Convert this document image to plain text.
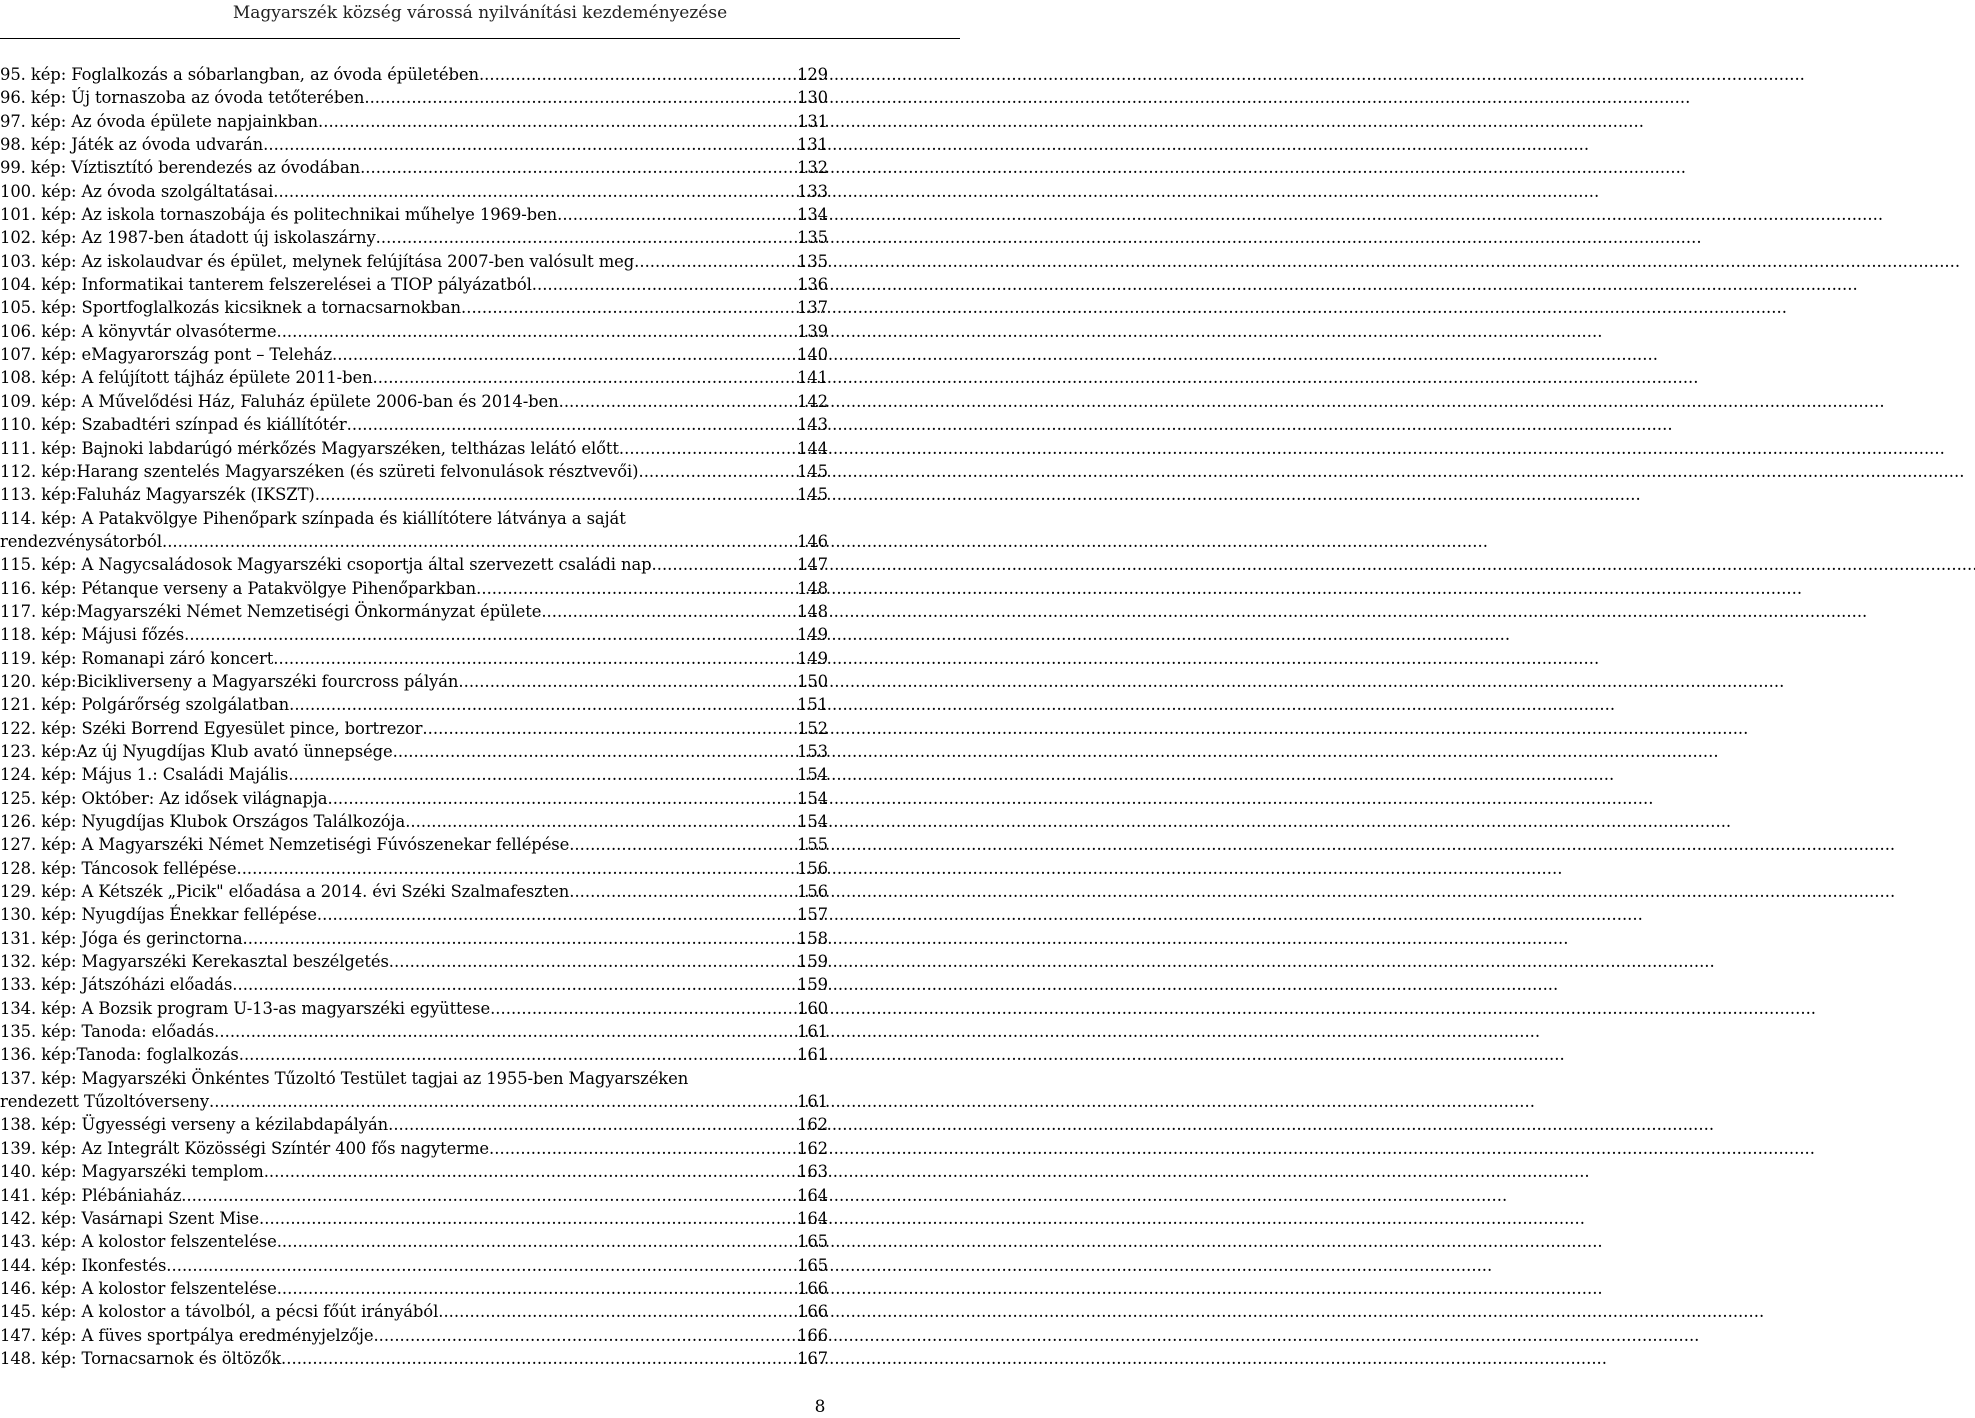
Magyarszék község várossá nyilvánítási kezdeményezése
95. kép: Foglalkozás a sóbarlangban, az óvoda épületében . . .	129
96. kép: Új tornaszoba az óvoda tetőterében . . .	130
97. kép: Az óvoda épülete napjainkban . . .	131
98. kép: Játék az óvoda udvarán . . .	131
99. kép: Víztisztító berendezés az óvodában . . .	132
100. kép: Az óvoda szolgáltatásai . . .	133
101. kép: Az iskola tornaszobája és politechnikai műhelye 1969-ben . . .	134
102. kép: Az 1987-ben átadott új iskolaszárny . . .	135
103. kép: Az iskolaudvar és épület, melynek felújítása 2007-ben valósult meg . . .	135
104. kép: Informatikai tanterem felszerelései a TIOP pályázatból . . .	136
105. kép: Sportfoglalkozás kicsiknek a tornacsarnokban . . .	137
106. kép: A könyvtár olvasóterme . . .	139
107. kép: eMagyarország pont – Teleház . . .	140
108. kép: A felújított tájház épülete 2011-ben . . .	141
109. kép: A Művelődési Ház, Faluház épülete 2006-ban és 2014-ben . . .	142
110. kép: Szabadtéri színpad és kiállítótér . . .	143
111. kép: Bajnoki labdarúgó mérkőzés Magyarszéken, teltházas lelátó előtt . . .	144
112. kép:Harang szentelés Magyarszéken (és szüreti felvonulások résztvevői) . . .	145
113. kép:Faluház Magyarszék (IKSZT) . . .	145
114. kép: A Patakvölgye Pihenőpark színpada és kiállítótere látványa a saját
rendezvénysátorból . . .	146
115. kép: A Nagycsaládosok Magyarszéki csoportja által szervezett családi nap . . .	147
116. kép: Pétanque verseny a Patakvölgye Pihenőparkban . . .	148
117. kép:Magyarszéki Német Nemzetiségi Önkormányzat épülete . . .	148
118. kép: Májusi főzés . . .	149
119. kép: Romanapi záró koncert . . .	149
120. kép:Bicikliverseny a Magyarszéki fourcross pályán . . .	150
121. kép: Polgárőrség szolgálatban . . .	151
122. kép: Széki Borrend Egyesület pince, bortrezor . . .	152
123. kép:Az új Nyugdíjas Klub avató ünnepsége . . .	153
124. kép: Május 1.: Családi Majális . . .	154
125. kép: Október: Az idősek világnapja . . .	154
126. kép: Nyugdíjas Klubok Országos Találkozója . . .	154
127. kép: A Magyarszéki Német Nemzetiségi Fúvószenekar fellépése . . .	155
128. kép: Táncosok fellépése . . .	156
129. kép: A Kétszék „Picik" előadása a 2014. évi Széki Szalmafeszten . . .	156
130. kép: Nyugdíjas Énekkar fellépése . . .	157
131. kép: Jóga és gerinctorna . . .	158
132. kép: Magyarszéki Kerekasztal beszélgetés . . .	159
133. kép: Játszóházi előadás . . .	159
134. kép: A Bozsik program U-13-as magyarszéki együttese . . .	160
135. kép: Tanoda: előadás . . .	161
136. kép:Tanoda: foglalkozás . . .	161
137. kép: Magyarszéki Önkéntes Tűzoltó Testület tagjai az 1955-ben Magyarszéken
rendezett Tűzoltóverseny . . .	161
138. kép: Ügyességi verseny a kézilabdapályán . . .	162
139. kép: Az Integrált Közösségi Színtér 400 fős nagyterme . . .	162
140. kép: Magyarszéki templom . . .	163
141. kép: Plébániaház . . .	164
142. kép: Vasárnapi Szent Mise . . .	164
143. kép: A kolostor felszentelése . . .	165
144. kép: Ikonfestés . . .	165
146. kép: A kolostor felszentelése . . .	166
145. kép: A kolostor a távolból, a pécsi főút irányából . . .	166
147. kép: A füves sportpálya eredményjelzője . . .	166
148. kép: Tornacsarnok és öltözők . . .	167
8
